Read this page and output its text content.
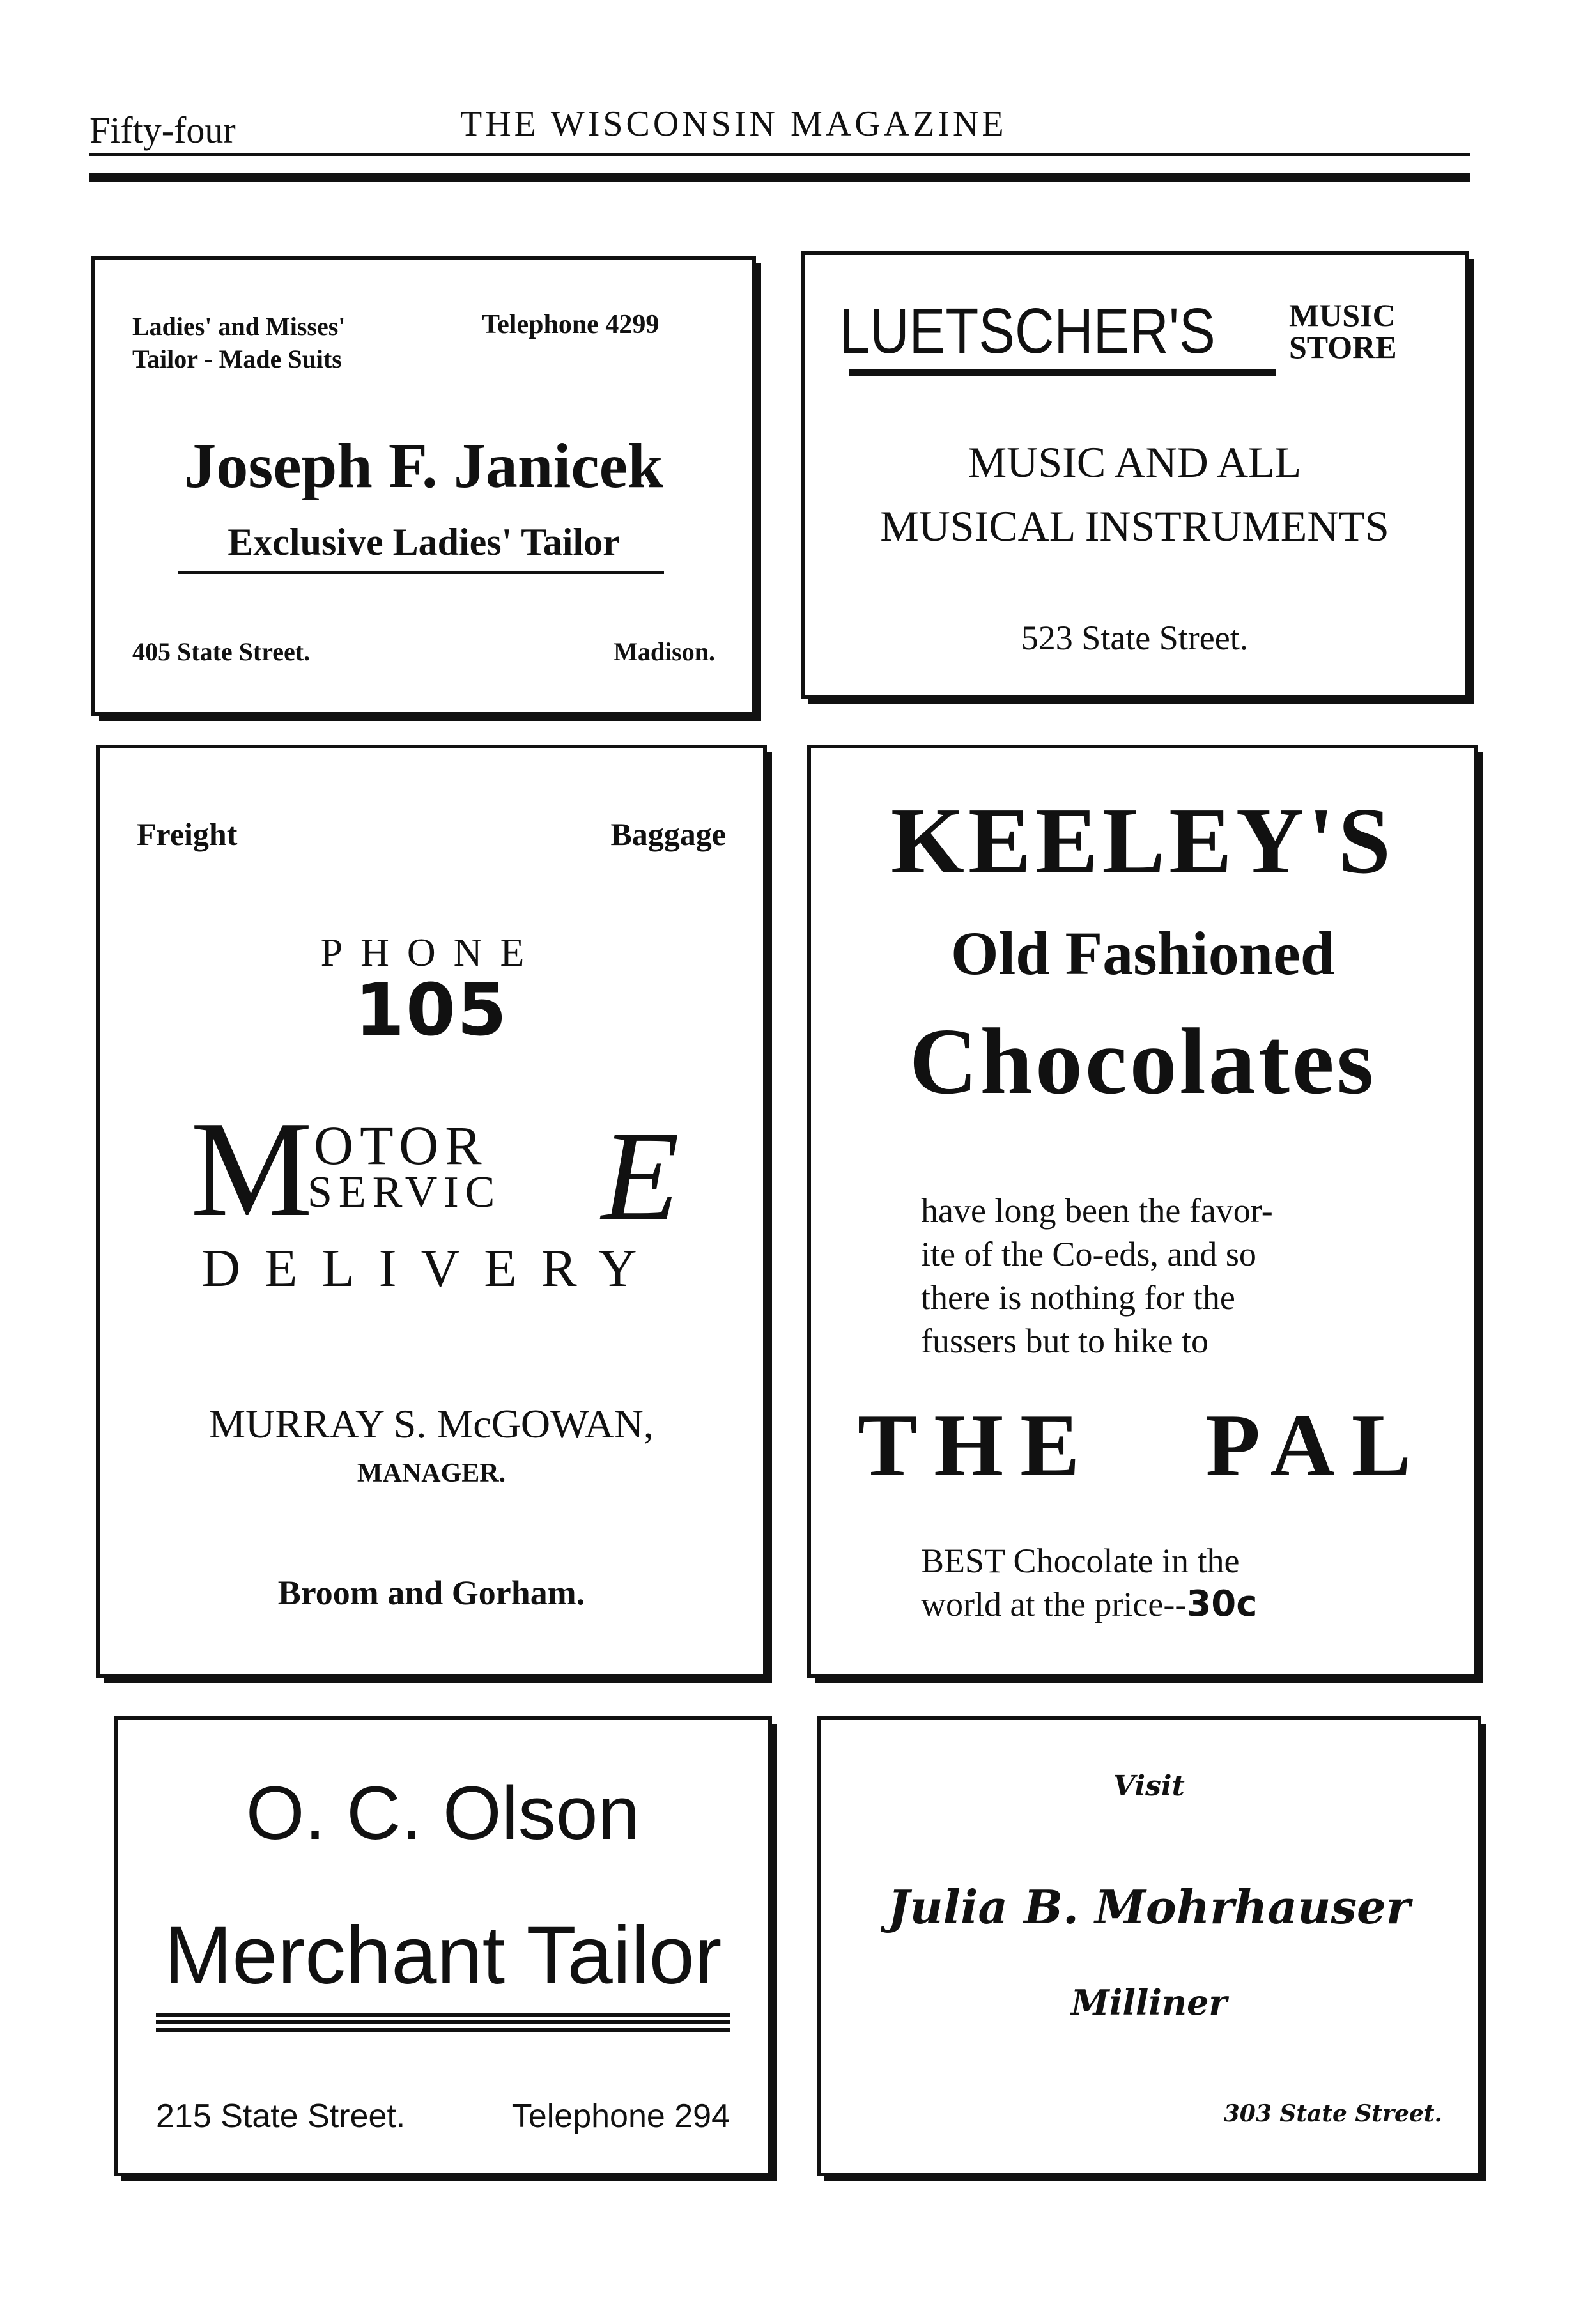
Fifty-four	THE WISCONSIN MAGAZINE
Ladies' and Misses'
Tailor - Made Suits
Telephone 4299
Joseph F. Janicek
Exclusive Ladies' Tailor
405 State Street.	Madison.
LUETSCHER'S MUSIC
STORE
MUSIC AND ALL
MUSICAL INSTRUMENTS
523 State Street.
Freight	Baggage
PHONE
105
M OTOR
SERVIC E
DELIVERY
MURRAY S. McGOWAN,
MANAGER.
Broom and Gorham.
KEELEY'S
Old Fashioned
Chocolates
have long been the favor-
ite of the Co-eds, and so
there is nothing for the
fussers but to hike to
THE PAL
BEST Chocolate in the
world at the price--30c
O. C. Olson
Merchant Tailor
215 State Street.	Telephone 294
Visit
Julia B. Mohrhauser
Milliner
303 State Street.
